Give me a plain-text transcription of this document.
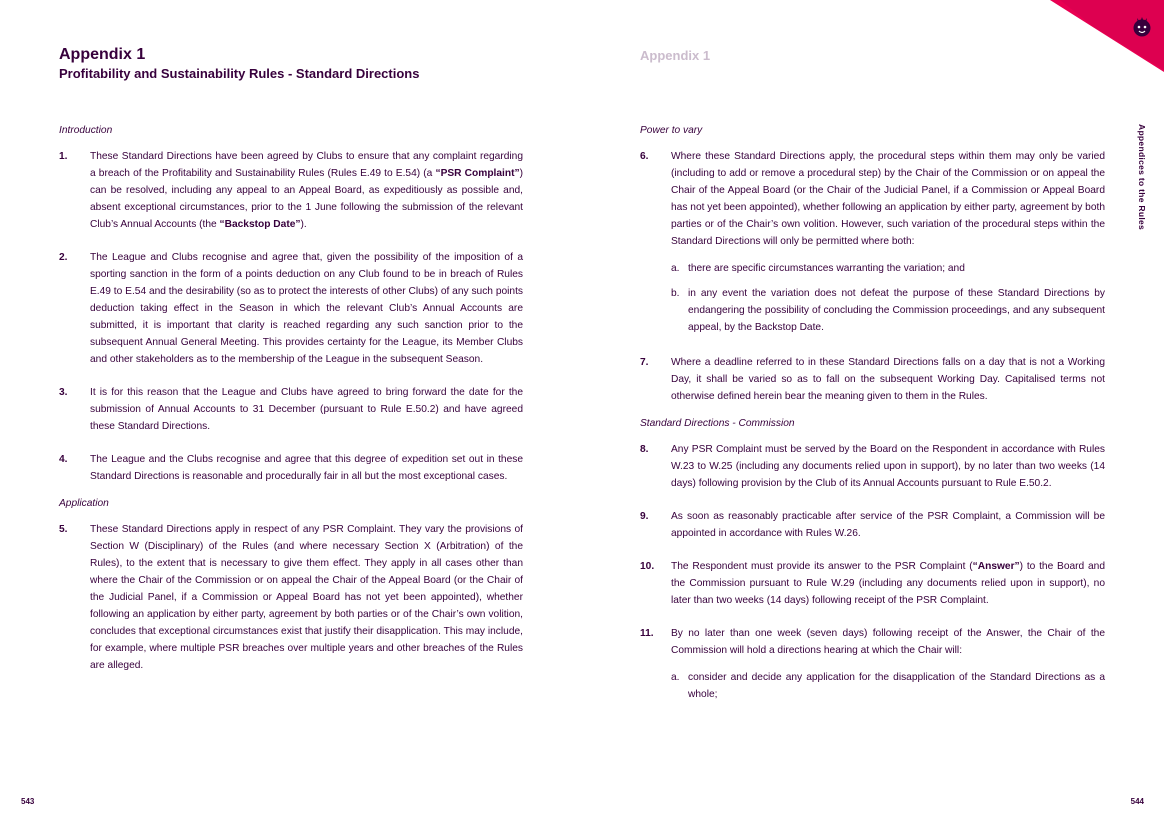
Appendix 1
Profitability and Sustainability Rules - Standard Directions

Introduction

1.	These Standard Directions have been agreed by Clubs to ensure that any complaint regarding a breach of the Profitability and Sustainability Rules (Rules E.49 to E.54) (a “PSR Complaint”) can be resolved, including any appeal to an Appeal Board, as expeditiously as possible and, absent exceptional circumstances, prior to the 1 June following the submission of the relevant Club’s Annual Accounts (the “Backstop Date”).
2.	The League and Clubs recognise and agree that, given the possibility of the imposition of a sporting sanction in the form of a points deduction on any Club found to be in breach of Rules E.49 to E.54 and the desirability (so as to protect the interests of other Clubs) of any such points deduction taking effect in the Season in which the relevant Club’s Annual Accounts are submitted, it is important that clarity is reached regarding any such sanction prior to the subsequent Annual General Meeting. This provides certainty for the League, its Member Clubs and other stakeholders as to the membership of the League in the subsequent Season.
3.	It is for this reason that the League and Clubs have agreed to bring forward the date for the submission of Annual Accounts to 31 December (pursuant to Rule E.50.2) and have agreed these Standard Directions.
4.	The League and the Clubs recognise and agree that this degree of expedition set out in these Standard Directions is reasonable and procedurally fair in all but the most exceptional cases.

Application

5.	These Standard Directions apply in respect of any PSR Complaint. They vary the provisions of Section W (Disciplinary) of the Rules (and where necessary Section X (Arbitration) of the Rules), to the extent that is necessary to give them effect. They apply in all cases other than where the Chair of the Commission or on appeal the Chair of the Appeal Board (or the Chair of the Judicial Panel, if a Commission or Appeal Board has not yet been appointed), whether following an application by either party, agreement by both parties or of the Chair’s own volition, concludes that exceptional circumstances exist that justify their disapplication. This may include, for example, where multiple PSR breaches over multiple years and other breaches of the Rules are alleged.
543
Appendix 1

Power to vary

6.	Where these Standard Directions apply, the procedural steps within them may only be varied (including to add or remove a procedural step) by the Chair of the Commission or on appeal the Chair of the Appeal Board (or the Chair of the Judicial Panel, if a Commission or Appeal Board has not yet been appointed), whether following an application by either party, agreement by both parties or of the Chair’s own volition. However, such variation of the procedural steps within the Standard Directions will only be permitted where both:
a. there are specific circumstances warranting the variation; and
b. in any event the variation does not defeat the purpose of these Standard Directions by endangering the possibility of concluding the Commission proceedings, and any subsequent appeal, by the Backstop Date.
7.	Where a deadline referred to in these Standard Directions falls on a day that is not a Working Day, it shall be varied so as to fall on the subsequent Working Day. Capitalised terms not otherwise defined herein bear the meaning given to them in the Rules.

Standard Directions - Commission

8.	Any PSR Complaint must be served by the Board on the Respondent in accordance with Rules W.23 to W.25 (including any documents relied upon in support), by no later than two weeks (14 days) following provision by the Club of its Annual Accounts pursuant to Rule E.50.2.
9.	As soon as reasonably practicable after service of the PSR Complaint, a Commission will be appointed in accordance with Rules W.26.
10.	The Respondent must provide its answer to the PSR Complaint (“Answer”) to the Board and the Commission pursuant to Rule W.29 (including any documents relied upon in support), no later than two weeks (14 days) following receipt of the PSR Complaint.
11.	By no later than one week (seven days) following receipt of the Answer, the Chair of the Commission will hold a directions hearing at which the Chair will:
a. consider and decide any application for the disapplication of the Standard Directions as a whole;
Appendices to the Rules
544
